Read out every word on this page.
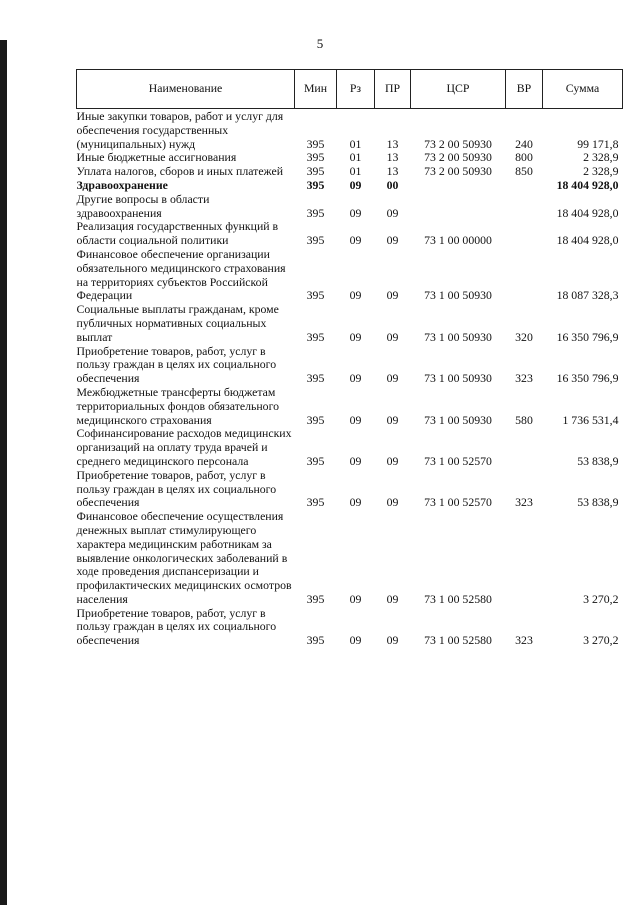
5
Наименование	Мин	Рз	ПР	ЦСР	ВР	Сумма
Иные закупки товаров, работ и услуг для обеспечения государственных (муниципальных) нужд	395	01	13	73 2 00 50930	240	99 171,8
Иные бюджетные ассигнования	395	01	13	73 2 00 50930	800	2 328,9
Уплата налогов, сборов и иных платежей	395	01	13	73 2 00 50930	850	2 328,9
Здравоохранение	395	09	00			18 404 928,0
Другие вопросы в области здравоохранения	395	09	09			18 404 928,0
Реализация государственных функций в области социальной политики	395	09	09	73 1 00 00000		18 404 928,0
Финансовое обеспечение организации обязательного медицинского страхования на территориях субъектов Российской Федерации	395	09	09	73 1 00 50930		18 087 328,3
Социальные выплаты гражданам, кроме публичных нормативных социальных выплат	395	09	09	73 1 00 50930	320	16 350 796,9
Приобретение товаров, работ, услуг в пользу граждан в целях их социального обеспечения	395	09	09	73 1 00 50930	323	16 350 796,9
Межбюджетные трансферты бюджетам территориальных фондов обязательного медицинского страхования	395	09	09	73 1 00 50930	580	1 736 531,4
Софинансирование расходов медицинских организаций на оплату труда врачей и среднего медицинского персонала	395	09	09	73 1 00 52570		53 838,9
Приобретение товаров, работ, услуг в пользу граждан в целях их социального обеспечения	395	09	09	73 1 00 52570	323	53 838,9
Финансовое обеспечение осуществления денежных выплат стимулирующего характера медицинским работникам за выявление онкологических заболеваний в ходе проведения диспансеризации и профилактических медицинских осмотров населения	395	09	09	73 1 00 52580		3 270,2
Приобретение товаров, работ, услуг в пользу граждан в целях их социального обеспечения	395	09	09	73 1 00 52580	323	3 270,2
